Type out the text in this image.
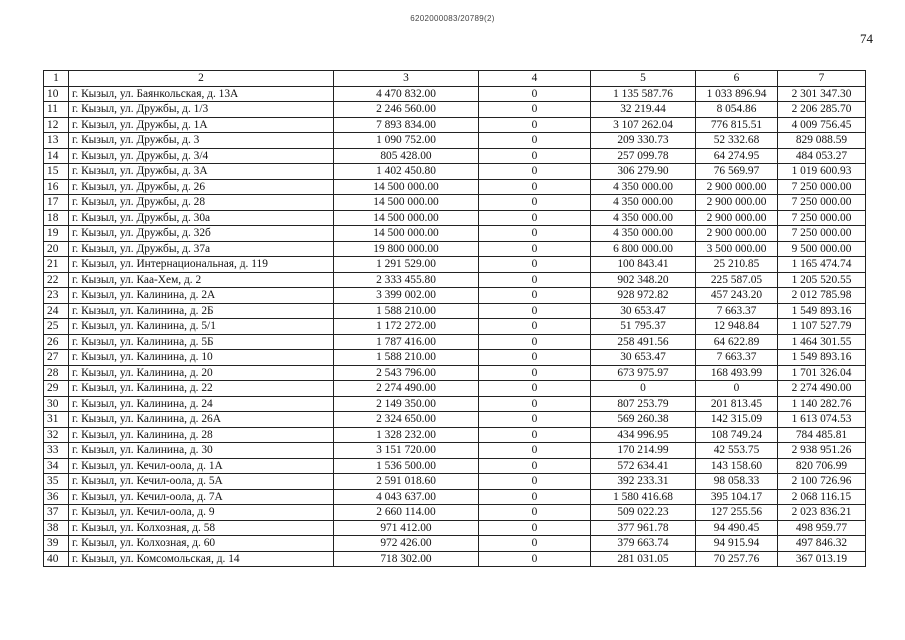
6202000083/20789(2)
74
1	2	3	4	5	6	7
10	г. Кызыл, ул. Баянкольская, д. 13А	4 470 832.00	0	1 135 587.76	1 033 896.94	2 301 347.30
11	г. Кызыл, ул. Дружбы, д. 1/3	2 246 560.00	0	32 219.44	8 054.86	2 206 285.70
12	г. Кызыл, ул. Дружбы, д. 1А	7 893 834.00	0	3 107 262.04	776 815.51	4 009 756.45
13	г. Кызыл, ул. Дружбы, д. 3	1 090 752.00	0	209 330.73	52 332.68	829 088.59
14	г. Кызыл, ул. Дружбы, д. 3/4	805 428.00	0	257 099.78	64 274.95	484 053.27
15	г. Кызыл, ул. Дружбы, д. 3А	1 402 450.80	0	306 279.90	76 569.97	1 019 600.93
16	г. Кызыл, ул. Дружбы, д. 26	14 500 000.00	0	4 350 000.00	2 900 000.00	7 250 000.00
17	г. Кызыл, ул. Дружбы, д. 28	14 500 000.00	0	4 350 000.00	2 900 000.00	7 250 000.00
18	г. Кызыл, ул. Дружбы, д. 30а	14 500 000.00	0	4 350 000.00	2 900 000.00	7 250 000.00
19	г. Кызыл, ул. Дружбы, д. 32б	14 500 000.00	0	4 350 000.00	2 900 000.00	7 250 000.00
20	г. Кызыл, ул. Дружбы, д. 37а	19 800 000.00	0	6 800 000.00	3 500 000.00	9 500 000.00
21	г. Кызыл, ул. Интернациональная, д. 119	1 291 529.00	0	100 843.41	25 210.85	1 165 474.74
22	г. Кызыл, ул. Каа-Хем, д. 2	2 333 455.80	0	902 348.20	225 587.05	1 205 520.55
23	г. Кызыл, ул. Калинина, д. 2А	3 399 002.00	0	928 972.82	457 243.20	2 012 785.98
24	г. Кызыл, ул. Калинина, д. 2Б	1 588 210.00	0	30 653.47	7 663.37	1 549 893.16
25	г. Кызыл, ул. Калинина, д. 5/1	1 172 272.00	0	51 795.37	12 948.84	1 107 527.79
26	г. Кызыл, ул. Калинина, д. 5Б	1 787 416.00	0	258 491.56	64 622.89	1 464 301.55
27	г. Кызыл, ул. Калинина, д. 10	1 588 210.00	0	30 653.47	7 663.37	1 549 893.16
28	г. Кызыл, ул. Калинина, д. 20	2 543 796.00	0	673 975.97	168 493.99	1 701 326.04
29	г. Кызыл, ул. Калинина, д. 22	2 274 490.00	0	0	0	2 274 490.00
30	г. Кызыл, ул. Калинина, д. 24	2 149 350.00	0	807 253.79	201 813.45	1 140 282.76
31	г. Кызыл, ул. Калинина, д. 26А	2 324 650.00	0	569 260.38	142 315.09	1 613 074.53
32	г. Кызыл, ул. Калинина, д. 28	1 328 232.00	0	434 996.95	108 749.24	784 485.81
33	г. Кызыл, ул. Калинина, д. 30	3 151 720.00	0	170 214.99	42 553.75	2 938 951.26
34	г. Кызыл, ул. Кечил-оола, д. 1А	1 536 500.00	0	572 634.41	143 158.60	820 706.99
35	г. Кызыл, ул. Кечил-оола, д. 5А	2 591 018.60	0	392 233.31	98 058.33	2 100 726.96
36	г. Кызыл, ул. Кечил-оола, д. 7А	4 043 637.00	0	1 580 416.68	395 104.17	2 068 116.15
37	г. Кызыл, ул. Кечил-оола, д. 9	2 660 114.00	0	509 022.23	127 255.56	2 023 836.21
38	г. Кызыл, ул. Колхозная, д. 58	971 412.00	0	377 961.78	94 490.45	498 959.77
39	г. Кызыл, ул. Колхозная, д. 60	972 426.00	0	379 663.74	94 915.94	497 846.32
40	г. Кызыл, ул. Комсомольская, д. 14	718 302.00	0	281 031.05	70 257.76	367 013.19
